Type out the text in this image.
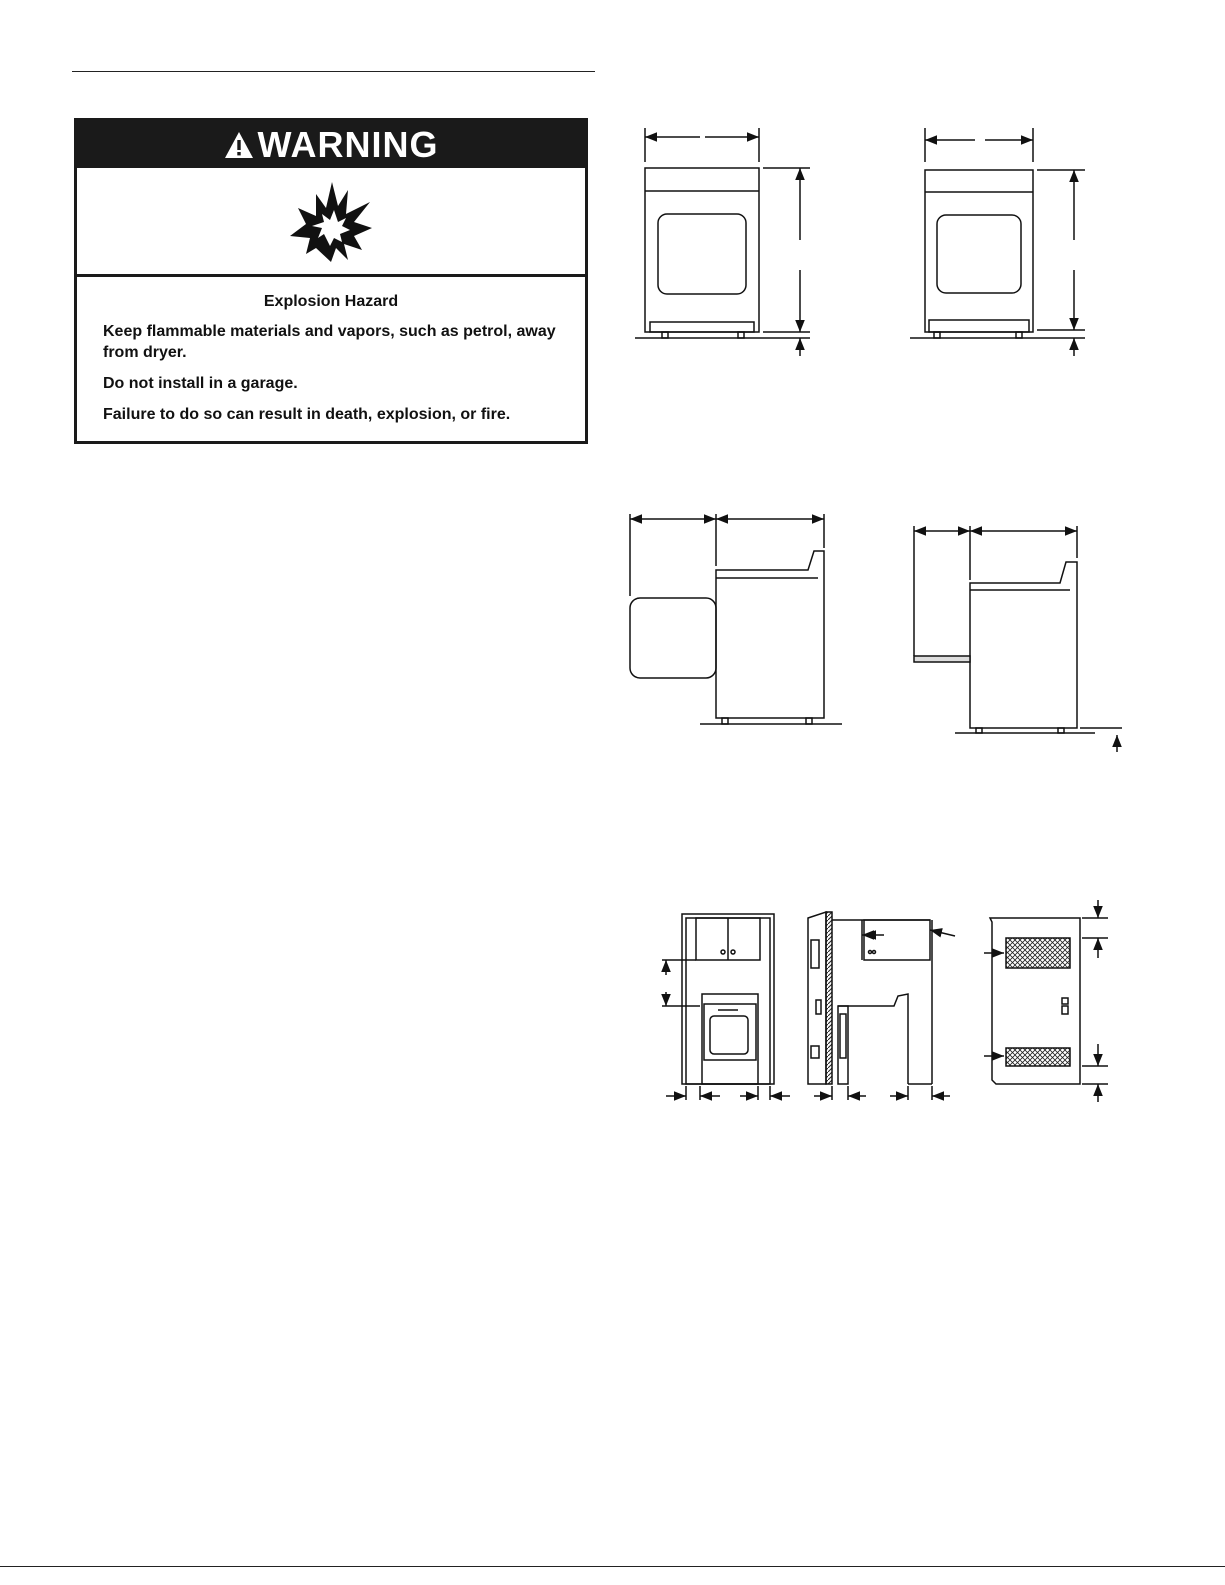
WARNING

Explosion Hazard

Keep flammable materials and vapors, such as petrol, away from dryer.

Do not install in a garage.

Failure to do so can result in death, explosion, or fire.
